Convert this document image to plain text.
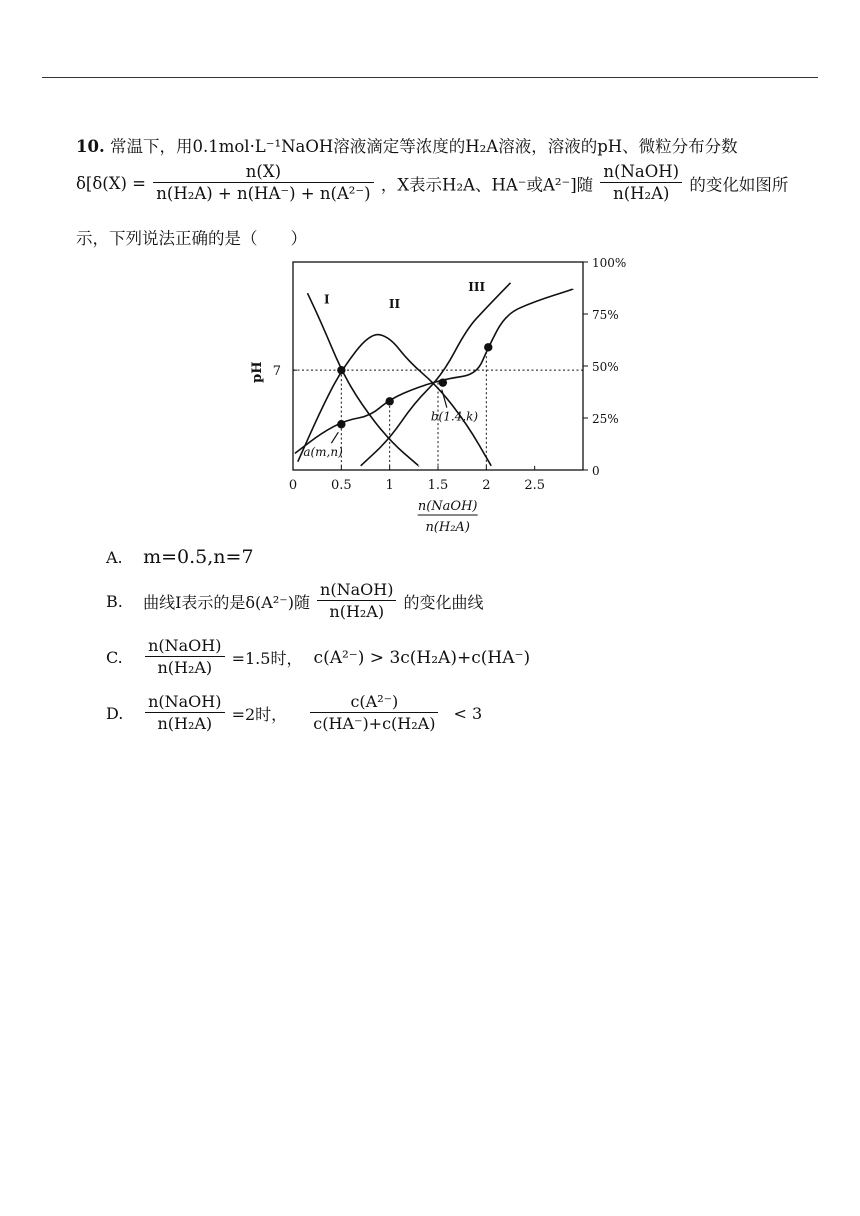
10. 常温下，用0.1mol·L⁻¹NaOH溶液滴定等浓度的H₂A溶液，溶液的pH、微粒分布分数
$\delta[\delta(X) = \frac{n(X)}{\text{n(H₂A) + n(HA⁻) + n(A²⁻)}}$ ，X表示H₂A、HA⁻或A²⁻]随 $\frac{\text{n(NaOH)}}{\text{n(H₂A)}}$ 的变化如图所
示，下列说法正确的是（　　）
0	0.5	1	1.5	2	2.5
100%
75%
50%
25%
0
7
pH
I	II
III
a(m,n)
b(1.4,k)
n(NaOH)
n(H₂A)
A. m=0.5,n=7
B. 曲线I表示的是δ(A²⁻)随 $\frac{\text{n(NaOH)}}{\text{n(H₂A)}}$ 的变化曲线
C. $\frac{\text{n(NaOH)}}{\text{n(H₂A)}} =1.5$时， c(A²⁻) > 3c(H₂A)+c(HA⁻)
D. $\frac{\text{n(NaOH)}}{\text{n(H₂A)}} =2$时， $\frac{\text{c(A²⁻)}}{\text{c(HA⁻)+c(H₂A)}} < 3$
